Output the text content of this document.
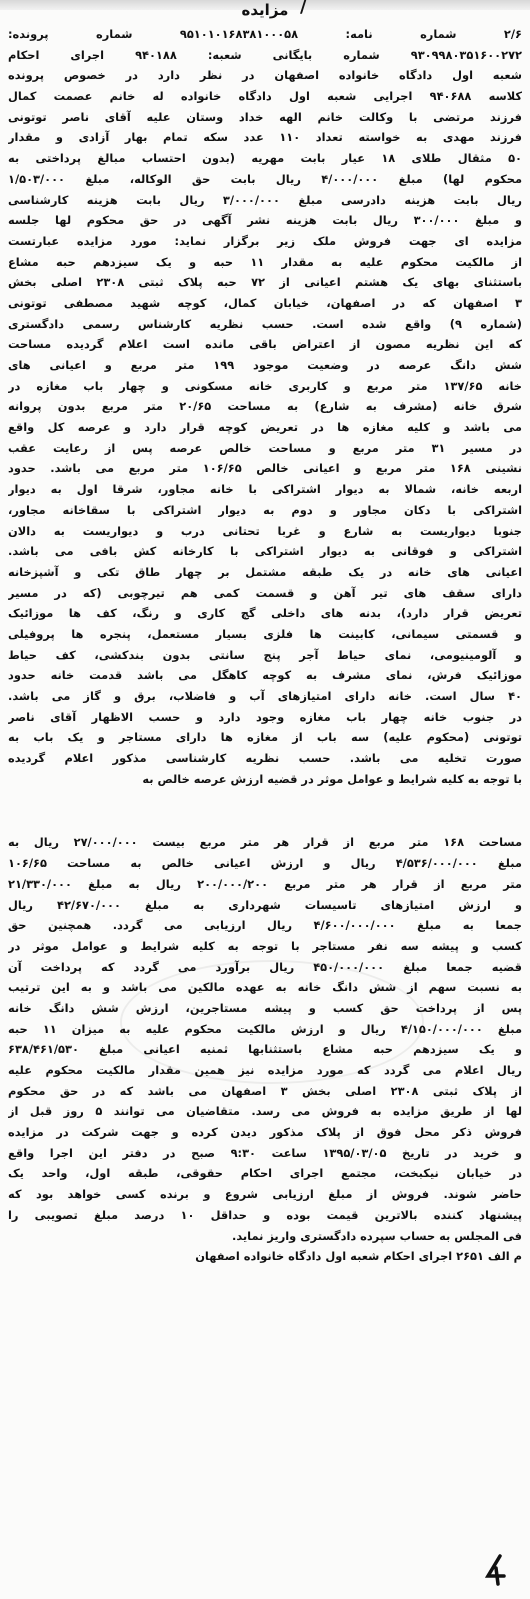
مزایده /
۲/۶ شماره نامه: ۹۵۱۰۱۰۱۶۸۳۸۱۰۰۰۵۸ شماره پرونده:
۹۳۰۹۹۸۰۳۵۱۶۰۰۲۷۲ شماره بایگانی شعبه: ۹۴۰۱۸۸ اجرای احکام
شعبه اول دادگاه خانواده اصفهان در نظر دارد در خصوص پرونده
کلاسه ۹۴۰۶۸۸ اجرایی شعبه اول دادگاه خانواده له خانم عصمت کمال
فرزند مرتضی با وکالت خانم الهه خداد وستان علیه آقای ناصر توتونی
فرزند مهدی به خواسته تعداد ۱۱۰ عدد سکه تمام بهار آزادی و مقدار
۵۰ مثقال طلای ۱۸ عیار بابت مهریه (بدون احتساب مبالغ پرداختی به
محکوم لها) مبلغ ۴/۰۰۰/۰۰۰ ریال بابت حق الوکاله، مبلغ ۱/۵۰۳/۰۰۰
ریال بابت هزینه دادرسی مبلغ ۳/۰۰۰/۰۰۰ ریال بابت هزینه کارشناسی
و مبلغ ۳۰۰/۰۰۰ ریال بابت هزینه نشر آگهی در حق محکوم لها جلسه
مزایده ای جهت فروش ملک زیر برگزار نماید: مورد مزایده عبارتست
از مالکیت محکوم علیه به مقدار ۱۱ حبه و یک سیزدهم حبه مشاع
باستثنای بهای یک هشتم اعیانی از ۷۲ حبه پلاک ثبتی ۲۳۰۸ اصلی بخش
۳ اصفهان که در اصفهان، خیابان کمال، کوچه شهید مصطفی توتونی
(شماره ۹) واقع شده است. حسب نظریه کارشناس رسمی دادگستری
که این نظریه مصون از اعتراض باقی مانده است اعلام گردیده مساحت
شش دانگ عرصه در وضعیت موجود ۱۹۹ متر مربع و اعیانی های
خانه ۱۳۷/۶۵ متر مربع و کاربری خانه مسکونی و چهار باب مغازه در
شرق خانه (مشرف به شارع) به مساحت ۲۰/۶۵ متر مربع بدون پروانه
می باشد و کلیه مغازه ها در تعریض کوچه قرار دارد و عرصه کل واقع
در مسیر ۳۱ متر مربع و مساحت خالص عرصه پس از رعایت عقب
نشینی ۱۶۸ متر مربع و اعیانی خالص ۱۰۶/۶۵ متر مربع می باشد. حدود
اربعه خانه، شمالا به دیوار اشتراکی با خانه مجاور، شرقا اول به دیوار
اشتراکی با دکان مجاور و دوم به دیوار اشتراکی با سقاخانه مجاور،
جنوبا دیواریست به شارع و غربا تحتانی درب و دیواریست به دالان
اشتراکی و فوقانی به دیوار اشتراکی با کارخانه کش بافی می باشد.
اعیانی های خانه در یک طبقه مشتمل بر چهار طاق تکی و آشپزخانه
دارای سقف های تیر آهن و قسمت کمی هم تیرچوبی (که در مسیر
تعریض قرار دارد)، بدنه های داخلی گچ کاری و رنگ، کف ها موزائیک
و قسمتی سیمانی، کابینت ها فلزی بسیار مستعمل، پنجره ها پروفیلی
و آلومینیومی، نمای حیاط آجر پنج سانتی بدون بندکشی، کف حیاط
موزائیک فرش، نمای مشرف به کوچه کاهگل می باشد قدمت خانه حدود
۴۰ سال است. خانه دارای امتیازهای آب و فاضلاب، برق و گاز می باشد.
در جنوب خانه چهار باب مغازه وجود دارد و حسب الاظهار آقای ناصر
توتونی (محکوم علیه) سه باب از مغازه ها دارای مستاجر و یک باب به
صورت تخلیه می باشد. حسب نظریه کارشناسی مذکور اعلام گردیده
با توجه به کلیه شرایط و عوامل موثر در قضیه ارزش عرصه خالص به
مساحت ۱۶۸ متر مربع از قرار هر متر مربع بیست ۲۷/۰۰۰/۰۰۰ ریال به
مبلغ ۴/۵۳۶/۰۰۰/۰۰۰ ریال و ارزش اعیانی خالص به مساحت ۱۰۶/۶۵
متر مربع از قرار هر متر مربع ۲۰۰/۰۰۰/۲۰۰ ریال به مبلغ ۲۱/۳۳۰/۰۰۰
و ارزش امتیازهای تاسیسات شهرداری به مبلغ ۴۲/۶۷۰/۰۰۰ ریال
جمعا به مبلغ ۴/۶۰۰/۰۰۰/۰۰۰ ریال ارزیابی می گردد. همچنین حق
کسب و پیشه سه نفر مستاجر با توجه به کلیه شرایط و عوامل موثر در
قضیه جمعا مبلغ ۴۵۰/۰۰۰/۰۰۰ ریال برآورد می گردد که پرداخت آن
به نسبت سهم از شش دانگ خانه به عهده مالکین می باشد و به این ترتیب
پس از پرداخت حق کسب و پیشه مستاجرین، ارزش شش دانگ خانه
مبلغ ۴/۱۵۰/۰۰۰/۰۰۰ ریال و ارزش مالکیت محکوم علیه به میزان ۱۱ حبه
و یک سیزدهم حبه مشاع باستثنابها ثمنیه اعیانی مبلغ ۶۳۸/۴۶۱/۵۳۰
ریال اعلام می گردد که مورد مزایده نیز همین مقدار مالکیت محکوم علیه
از پلاک ثبتی ۲۳۰۸ اصلی بخش ۳ اصفهان می باشد که در حق محکوم
لها از طریق مزایده به فروش می رسد. متقاضیان می توانند ۵ روز قبل از
فروش ذکر محل فوق از پلاک مذکور دیدن کرده و جهت شرکت در مزایده
و خرید در تاریخ ۱۳۹۵/۰۳/۰۵ ساعت ۹:۳۰ صبح در دفتر این اجرا واقع
در خیابان نیکبخت، مجتمع اجرای احکام حقوقی، طبقه اول، واحد یک
حاضر شوند. فروش از مبلغ ارزیابی شروع و برنده کسی خواهد بود که
پیشنهاد کننده بالاترین قیمت بوده و حداقل ۱۰ درصد مبلغ تصویبی را
فی المجلس به حساب سپرده دادگستری واریز نماید.
م الف ۲۶۵۱ اجرای احکام شعبه اول دادگاه خانواده اصفهان
